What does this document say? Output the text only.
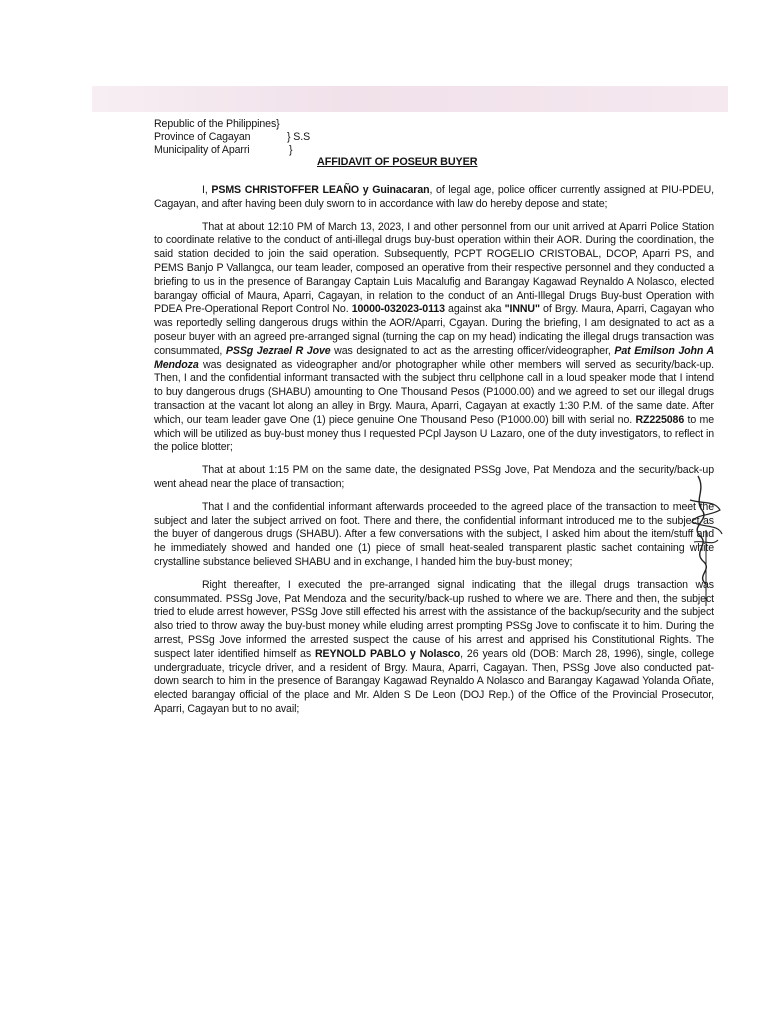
Republic of the Philippines}
Province of Cagayan	} S.S
Municipality of Aparri	}
AFFIDAVIT OF POSEUR BUYER

I, PSMS CHRISTOFFER LEAÑO y Guinacaran, of legal age, police officer currently assigned at PIU-PDEU, Cagayan, and after having been duly sworn to in accordance with law do hereby depose and state;

That at about 12:10 PM of March 13, 2023, I and other personnel from our unit arrived at Aparri Police Station to coordinate relative to the conduct of anti-illegal drugs buy-bust operation within their AOR. During the coordination, the said station decided to join the said operation. Subsequently, PCPT ROGELIO CRISTOBAL, DCOP, Aparri PS, and PEMS Banjo P Vallangca, our team leader, composed an operative from their respective personnel and they conducted a briefing to us in the presence of Barangay Captain Luis Macalufig and Barangay Kagawad Reynaldo A Nolasco, elected barangay official of Maura, Aparri, Cagayan, in relation to the conduct of an Anti-Illegal Drugs Buy-bust Operation with PDEA Pre-Operational Report Control No. 10000-032023-0113 against aka "INNU" of Brgy. Maura, Aparri, Cagayan who was reportedly selling dangerous drugs within the AOR/Aparri, Cgayan. During the briefing, I am designated to act as a poseur buyer with an agreed pre-arranged signal (turning the cap on my head) indicating the illegal drugs transaction was consummated, PSSg Jezrael R Jove was designated to act as the arresting officer/videographer, Pat Emilson John A Mendoza was designated as videographer and/or photographer while other members will served as security/back-up. Then, I and the confidential informant transacted with the subject thru cellphone call in a loud speaker mode that I intend to buy dangerous drugs (SHABU) amounting to One Thousand Pesos (P1000.00) and we agreed to set our illegal drugs transaction at the vacant lot along an alley in Brgy. Maura, Aparri, Cagayan at exactly 1:30 P.M. of the same date. After which, our team leader gave One (1) piece genuine One Thousand Peso (P1000.00) bill with serial no. RZ225086 to me which will be utilized as buy-bust money thus I requested PCpl Jayson U Lazaro, one of the duty investigators, to reflect in the police blotter;

That at about 1:15 PM on the same date, the designated PSSg Jove, Pat Mendoza and the security/back-up went ahead near the place of transaction;

That I and the confidential informant afterwards proceeded to the agreed place of the transaction to meet the subject and later the subject arrived on foot. There and there, the confidential informant introduced me to the subject as the buyer of dangerous drugs (SHABU). After a few conversations with the subject, I asked him about the item/stuff and he immediately showed and handed one (1) piece of small heat-sealed transparent plastic sachet containing white crystalline substance believed SHABU and in exchange, I handed him the buy-bust money;

Right thereafter, I executed the pre-arranged signal indicating that the illegal drugs transaction was consummated. PSSg Jove, Pat Mendoza and the security/back-up rushed to where we are. There and then, the subject tried to elude arrest however, PSSg Jove still effected his arrest with the assistance of the backup/security and the subject also tried to throw away the buy-bust money while eluding arrest prompting PSSg Jove to confiscate it to him. During the arrest, PSSg Jove informed the arrested suspect the cause of his arrest and apprised his Constitutional Rights. The suspect later identified himself as REYNOLD PABLO y Nolasco, 26 years old (DOB: March 28, 1996), single, college undergraduate, tricycle driver, and a resident of Brgy. Maura, Aparri, Cagayan. Then, PSSg Jove also conducted pat-down search to him in the presence of Barangay Kagawad Reynaldo A Nolasco and Barangay Kagawad Yolanda Oñate, elected barangay official of the place and Mr. Alden S De Leon (DOJ Rep.) of the Office of the Provincial Prosecutor, Aparri, Cagayan but to no avail;
